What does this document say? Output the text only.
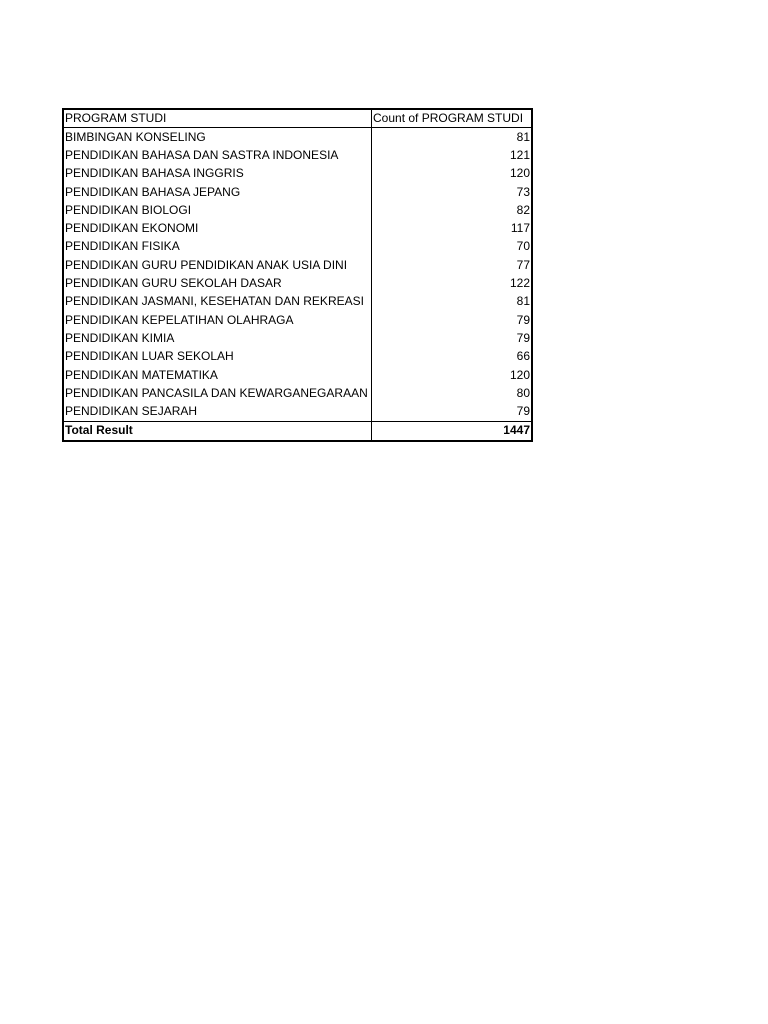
PROGRAM STUDI	Count of PROGRAM STUDI
BIMBINGAN KONSELING	81
PENDIDIKAN BAHASA DAN SASTRA INDONESIA	121
PENDIDIKAN BAHASA INGGRIS	120
PENDIDIKAN BAHASA JEPANG	73
PENDIDIKAN BIOLOGI	82
PENDIDIKAN EKONOMI	117
PENDIDIKAN FISIKA	70
PENDIDIKAN GURU PENDIDIKAN ANAK USIA DINI	77
PENDIDIKAN GURU SEKOLAH DASAR	122
PENDIDIKAN JASMANI, KESEHATAN DAN REKREASI	81
PENDIDIKAN KEPELATIHAN OLAHRAGA	79
PENDIDIKAN KIMIA	79
PENDIDIKAN LUAR SEKOLAH	66
PENDIDIKAN MATEMATIKA	120
PENDIDIKAN PANCASILA DAN KEWARGANEGARAAN	80
PENDIDIKAN SEJARAH	79
Total Result	1447
